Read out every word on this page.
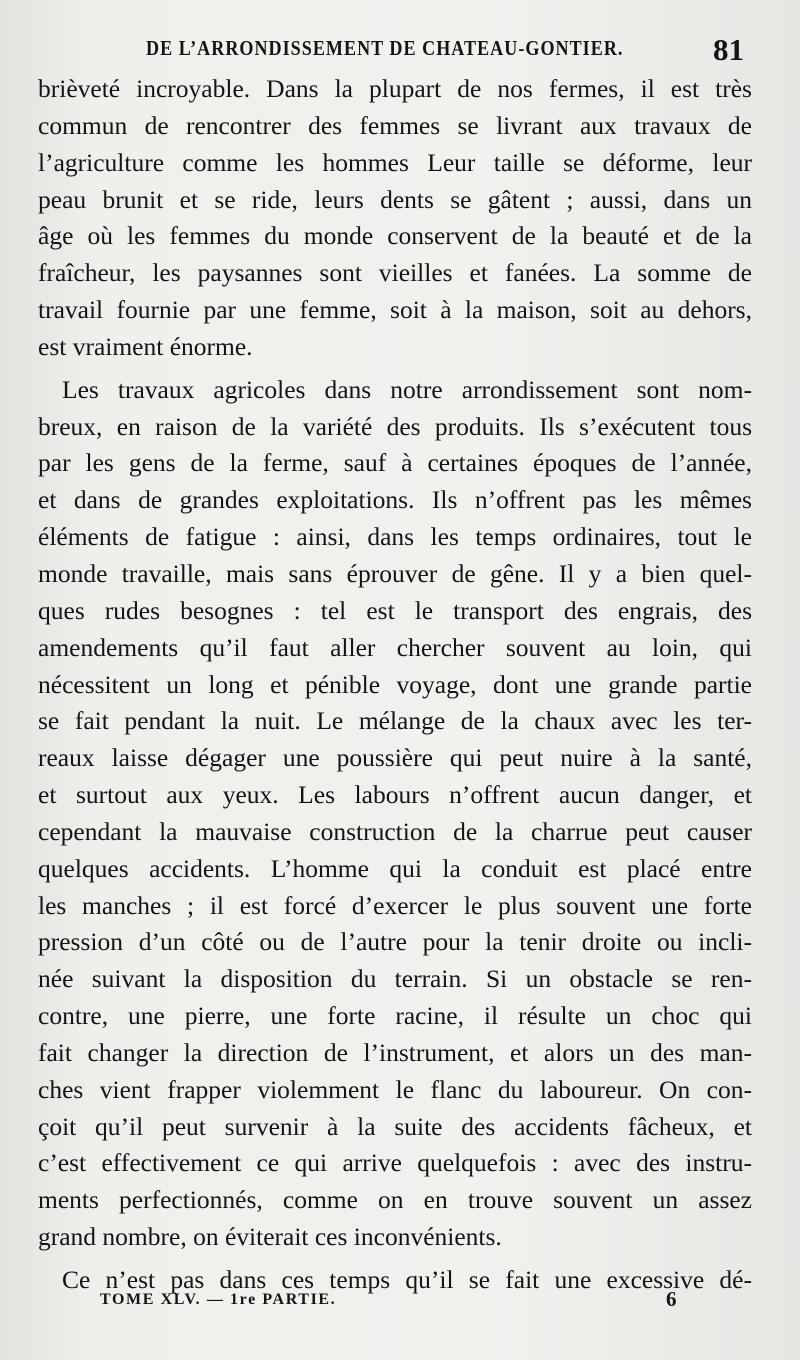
DE L’ARRONDISSEMENT DE CHATEAU-GONTIER.	81
brièveté incroyable. Dans la plupart de nos fermes, il est très
commun de rencontrer des femmes se livrant aux travaux de
l’agriculture comme les hommes Leur taille se déforme, leur
peau brunit et se ride, leurs dents se gâtent ; aussi, dans un
âge où les femmes du monde conservent de la beauté et de la
fraîcheur, les paysannes sont vieilles et fanées. La somme de
travail fournie par une femme, soit à la maison, soit au dehors,
est vraiment énorme.
Les travaux agricoles dans notre arrondissement sont nom-
breux, en raison de la variété des produits. Ils s’exécutent tous
par les gens de la ferme, sauf à certaines époques de l’année,
et dans de grandes exploitations. Ils n’offrent pas les mêmes
éléments de fatigue : ainsi, dans les temps ordinaires, tout le
monde travaille, mais sans éprouver de gêne. Il y a bien quel-
ques rudes besognes : tel est le transport des engrais, des
amendements qu’il faut aller chercher souvent au loin, qui
nécessitent un long et pénible voyage, dont une grande partie
se fait pendant la nuit. Le mélange de la chaux avec les ter-
reaux laisse dégager une poussière qui peut nuire à la santé,
et surtout aux yeux. Les labours n’offrent aucun danger, et
cependant la mauvaise construction de la charrue peut causer
quelques accidents. L’homme qui la conduit est placé entre
les manches ; il est forcé d’exercer le plus souvent une forte
pression d’un côté ou de l’autre pour la tenir droite ou incli-
née suivant la disposition du terrain. Si un obstacle se ren-
contre, une pierre, une forte racine, il résulte un choc qui
fait changer la direction de l’instrument, et alors un des man-
ches vient frapper violemment le flanc du laboureur. On con-
çoit qu’il peut survenir à la suite des accidents fâcheux, et
c’est effectivement ce qui arrive quelquefois : avec des instru-
ments perfectionnés, comme on en trouve souvent un assez
grand nombre, on éviterait ces inconvénients.
Ce n’est pas dans ces temps qu’il se fait une excessive dé-
TOME XLV. — 1re PARTIE.	6
